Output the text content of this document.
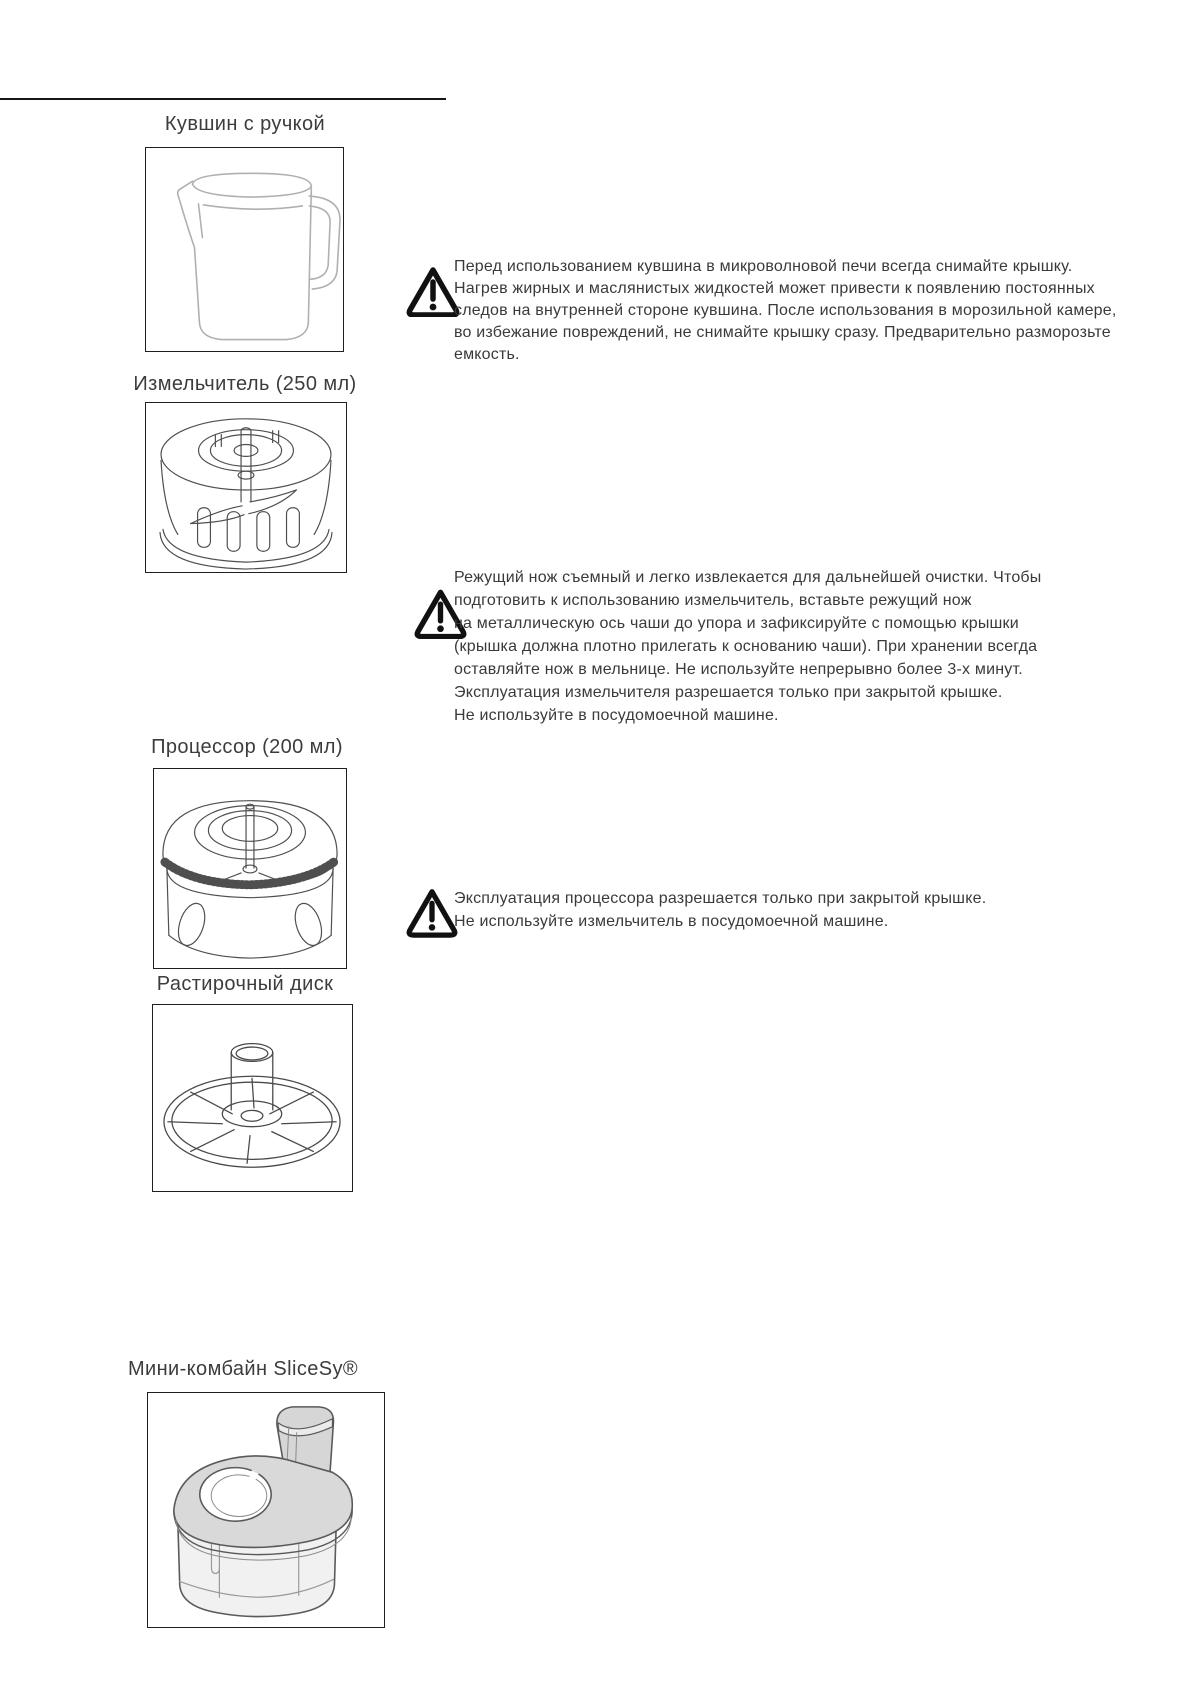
Кувшин с ручкой
Перед использованием кувшина в микроволновой печи всегда снимайте крышку.
Нагрев жирных и маслянистых жидкостей может привести к появлению постоянных
следов на внутренней стороне кувшина. После использования в морозильной камере,
во избежание повреждений, не снимайте крышку сразу. Предварительно разморозьте
емкость.
Измельчитель (250 мл)
Режущий нож съемный и легко извлекается для дальнейшей очистки. Чтобы
подготовить к использованию измельчитель, вставьте режущий нож
на металлическую ось чаши до упора и зафиксируйте с помощью крышки
(крышка должна плотно прилегать к основанию чаши). При хранении всегда
оставляйте нож в мельнице. Не используйте непрерывно более 3-х минут.
Эксплуатация измельчителя разрешается только при закрытой крышке.
Не используйте в посудомоечной машине.
Процессор (200 мл)
Эксплуатация процессора разрешается только при закрытой крышке.
Не используйте измельчитель в посудомоечной машине.
Растирочный диск
Мини-комбайн SliceSy®
